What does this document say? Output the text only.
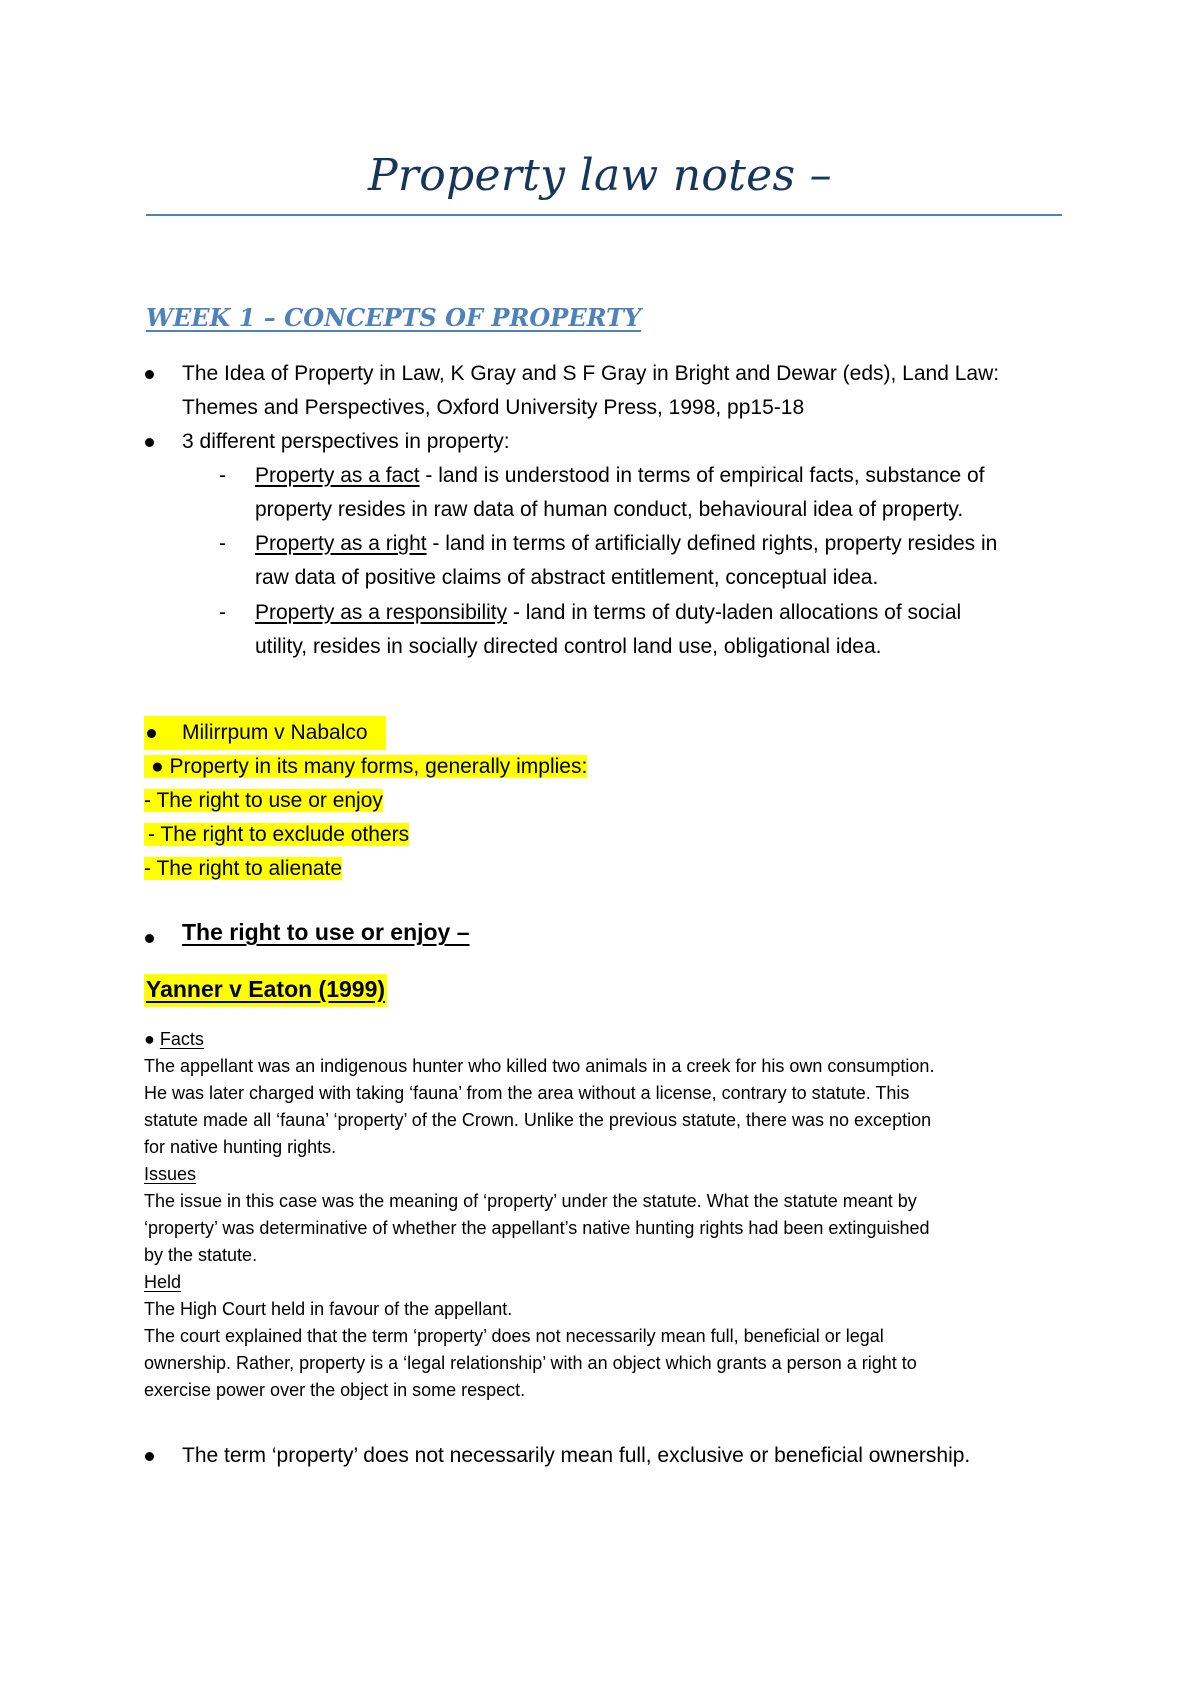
Property law notes –
WEEK 1 – CONCEPTS OF PROPERTY
The Idea of Property in Law, K Gray and S F Gray in Bright and Dewar (eds), Land Law:
Themes and Perspectives, Oxford University Press, 1998, pp15-18
3 different perspectives in property:
- Property as a fact - land is understood in terms of empirical facts, substance of
property resides in raw data of human conduct, behavioural idea of property.
- Property as a right - land in terms of artificially defined rights, property resides in
raw data of positive claims of abstract entitlement, conceptual idea.
- Property as a responsibility - land in terms of duty-laden allocations of social
utility, resides in socially directed control land use, obligational idea.
Milirrpum v Nabalco
● Property in its many forms, generally implies:
- The right to use or enjoy
- The right to exclude others
- The right to alienate
The right to use or enjoy –
Yanner v Eaton (1999)
● Facts
The appellant was an indigenous hunter who killed two animals in a creek for his own consumption.
He was later charged with taking ‘fauna’ from the area without a license, contrary to statute. This
statute made all ‘fauna’ ‘property’ of the Crown. Unlike the previous statute, there was no exception
for native hunting rights.
Issues
The issue in this case was the meaning of ‘property’ under the statute. What the statute meant by
‘property’ was determinative of whether the appellant’s native hunting rights had been extinguished
by the statute.
Held
The High Court held in favour of the appellant.
The court explained that the term ‘property’ does not necessarily mean full, beneficial or legal
ownership. Rather, property is a ‘legal relationship’ with an object which grants a person a right to
exercise power over the object in some respect.
The term ‘property’ does not necessarily mean full, exclusive or beneficial ownership.
